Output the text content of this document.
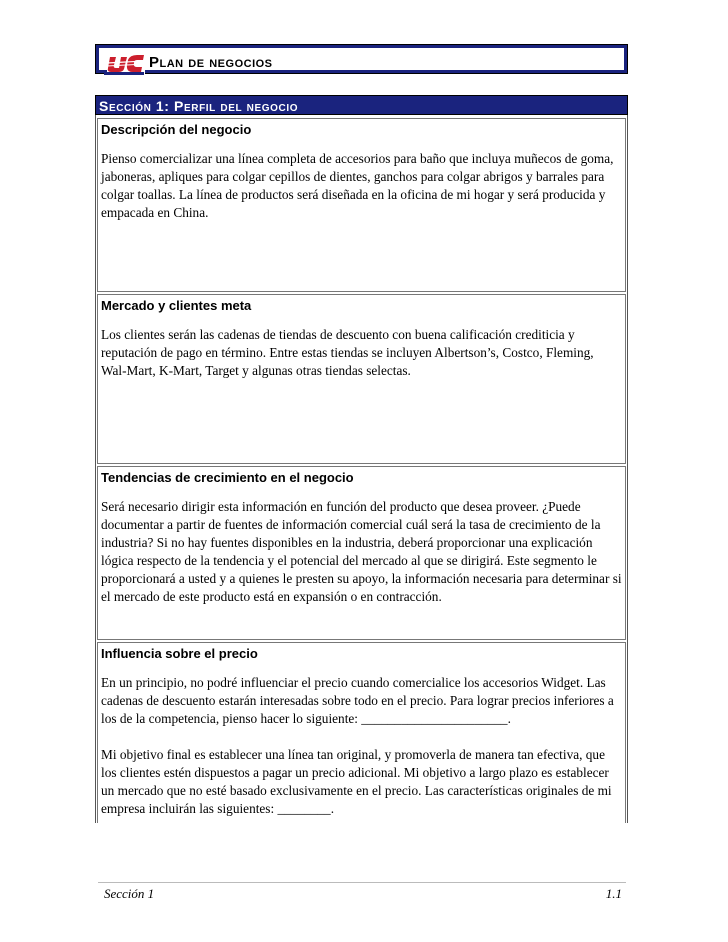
Plan de negocios
Sección 1: Perfil del negocio

Descripción del negocio

Pienso comercializar una línea completa de accesorios para baño que incluya muñecos de goma, jaboneras, apliques para colgar cepillos de dientes, ganchos para colgar abrigos y barrales para colgar toallas. La línea de productos será diseñada en la oficina de mi hogar y será producida y empacada en China.

Mercado y clientes meta

Los clientes serán las cadenas de tiendas de descuento con buena calificación crediticia y reputación de pago en término. Entre estas tiendas se incluyen Albertson’s, Costco, Fleming, Wal-Mart, K-Mart, Target y algunas otras tiendas selectas.

Tendencias de crecimiento en el negocio

Será necesario dirigir esta información en función del producto que desea proveer. ¿Puede documentar a partir de fuentes de información comercial cuál será la tasa de crecimiento de la industria? Si no hay fuentes disponibles en la industria, deberá proporcionar una explicación lógica respecto de la tendencia y el potencial del mercado al que se dirigirá. Este segmento le proporcionará a usted y a quienes le presten su apoyo, la información necesaria para determinar si el mercado de este producto está en expansión o en contracción.

Influencia sobre el precio

En un principio, no podré influenciar el precio cuando comercialice los accesorios Widget. Las cadenas de descuento estarán interesadas sobre todo en el precio. Para lograr precios inferiores a los de la competencia, pienso hacer lo siguiente: ______________________.

Mi objetivo final es establecer una línea tan original, y promoverla de manera tan efectiva, que los clientes estén dispuestos a pagar un precio adicional. Mi objetivo a largo plazo es establecer un mercado que no esté basado exclusivamente en el precio. Las características originales de mi empresa incluirán las siguientes: ________.

Sección 1	1.1
